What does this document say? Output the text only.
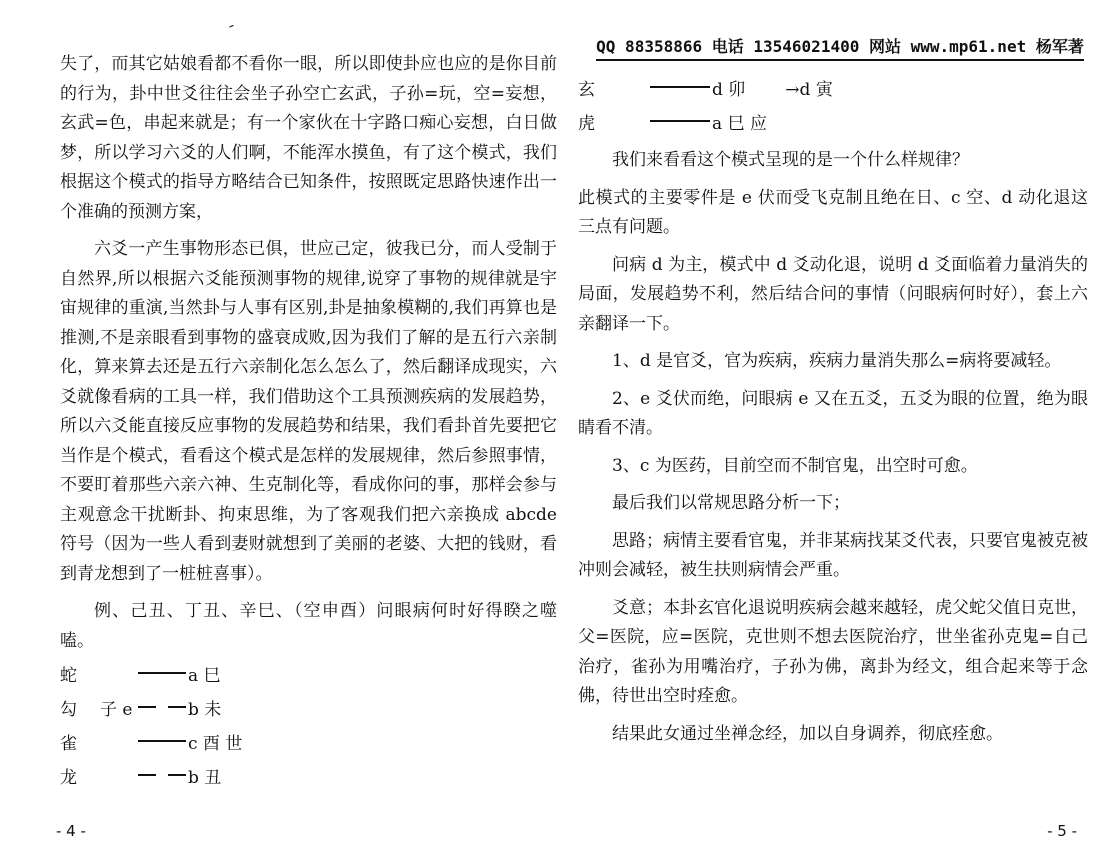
ˊ

失了，而其它姑娘看都不看你一眼，所以即使卦应也应的是你目前的行为，卦中世爻往往会坐子孙空亡玄武，子孙=玩，空=妄想，玄武=色，串起来就是；有一个家伙在十字路口痴心妄想，白日做梦，所以学习六爻的人们啊，不能浑水摸鱼，有了这个模式，我们根据这个模式的指导方略结合已知条件，按照既定思路快速作出一个准确的预测方案，

六爻一产生事物形态已俱，世应己定，彼我已分，而人受制于自然界,所以根据六爻能预测事物的规律,说穿了事物的规律就是宇宙规律的重演,当然卦与人事有区别,卦是抽象模糊的,我们再算也是推测,不是亲眼看到事物的盛衰成败,因为我们了解的是五行六亲制化，算来算去还是五行六亲制化怎么怎么了，然后翻译成现实，六爻就像看病的工具一样，我们借助这个工具预测疾病的发展趋势，所以六爻能直接反应事物的发展趋势和结果，我们看卦首先要把它当作是个模式，看看这个模式是怎样的发展规律，然后参照事情，不要盯着那些六亲六神、生克制化等，看成你问的事，那样会参与主观意念干扰断卦、拘束思维，为了客观我们把六亲换成 abcde 符号（因为一些人看到妻财就想到了美丽的老婆、大把的钱财，看到青龙想到了一桩桩喜事）。

例、己丑、丁丑、辛巳、（空申酉）问眼病何时好得睽之噬嗑。

蛇	a 巳
勾	子 e	b 未
雀	c 酉 世
龙	b 丑
- 4 -
QQ 88358866 电话 13546021400 网站 www.mp61.net 杨军著
玄	d 卯 →d 寅
虎	a 巳 应

我们来看看这个模式呈现的是一个什么样规律？

此模式的主要零件是 e 伏而受飞克制且绝在日、c 空、d 动化退这三点有问题。

问病 d 为主，模式中 d 爻动化退，说明 d 爻面临着力量消失的局面，发展趋势不利，然后结合问的事情（问眼病何时好），套上六亲翻译一下。

1、d 是官爻，官为疾病，疾病力量消失那么=病将要减轻。

2、e 爻伏而绝，问眼病 e 又在五爻，五爻为眼的位置，绝为眼睛看不清。

3、c 为医药，目前空而不制官鬼，出空时可愈。

最后我们以常规思路分析一下；

思路；病情主要看官鬼，并非某病找某爻代表，只要官鬼被克被冲则会减轻，被生扶则病情会严重。

爻意；本卦玄官化退说明疾病会越来越轻，虎父蛇父值日克世，父=医院，应=医院，克世则不想去医院治疗，世坐雀孙克鬼=自己治疗，雀孙为用嘴治疗，子孙为佛，离卦为经文，组合起来等于念佛，待世出空时痊愈。

结果此女通过坐禅念经，加以自身调养，彻底痊愈。

- 5 -
